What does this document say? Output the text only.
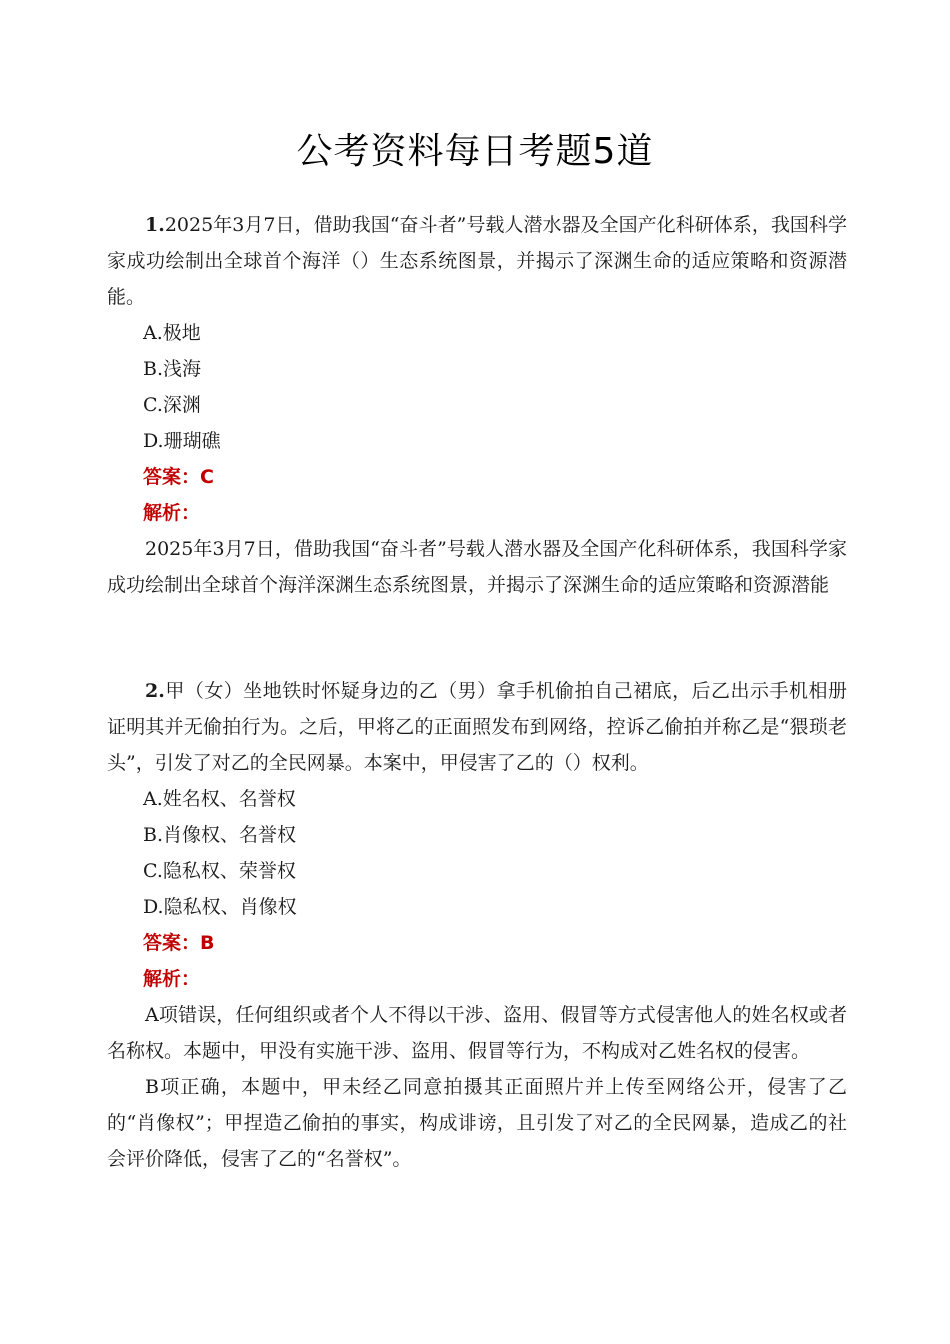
公考资料每日考题5道

1.2025年3月7日，借助我国“奋斗者”号载人潜水器及全国产化科研体系，我国科学家成功绘制出全球首个海洋（）生态系统图景，并揭示了深渊生命的适应策略和资源潜能。

A.极地

B.浅海

C.深渊

D.珊瑚礁

答案：C

解析：

2025年3月7日，借助我国“奋斗者”号载人潜水器及全国产化科研体系，我国科学家成功绘制出全球首个海洋深渊生态系统图景，并揭示了深渊生命的适应策略和资源潜能

2.甲（女）坐地铁时怀疑身边的乙（男）拿手机偷拍自己裙底，后乙出示手机相册证明其并无偷拍行为。之后，甲将乙的正面照发布到网络，控诉乙偷拍并称乙是“猥琐老头”，引发了对乙的全民网暴。本案中，甲侵害了乙的（）权利。

A.姓名权、名誉权

B.肖像权、名誉权

C.隐私权、荣誉权

D.隐私权、肖像权

答案：B

解析：

A项错误，任何组织或者个人不得以干涉、盗用、假冒等方式侵害他人的姓名权或者名称权。本题中，甲没有实施干涉、盗用、假冒等行为，不构成对乙姓名权的侵害。

B项正确，本题中，甲未经乙同意拍摄其正面照片并上传至网络公开，侵害了乙的“肖像权”；甲捏造乙偷拍的事实，构成诽谤，且引发了对乙的全民网暴，造成乙的社会评价降低，侵害了乙的“名誉权”。
